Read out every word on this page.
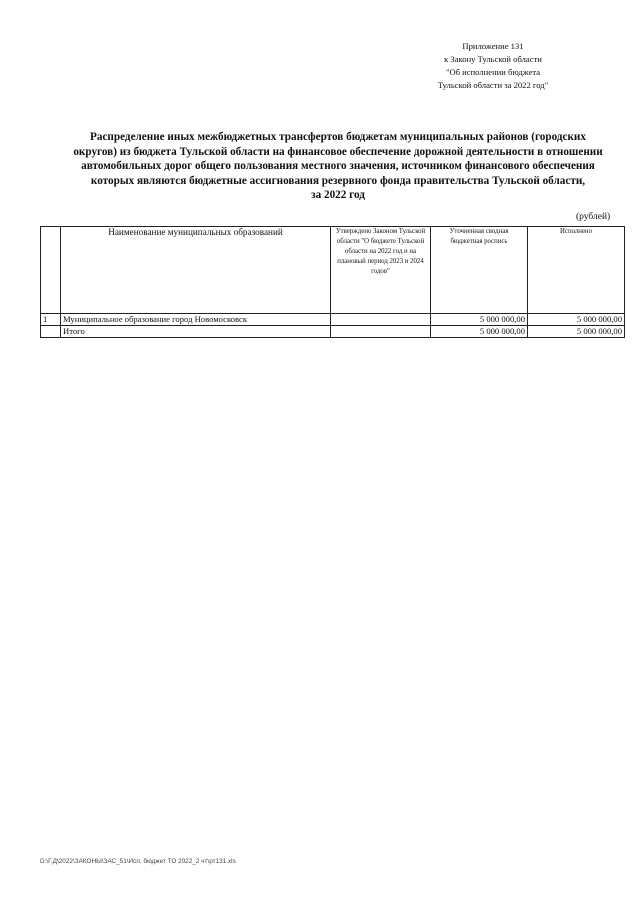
Приложение 131
к Закону Тульской области
"Об исполнении бюджета
Тульской области за 2022 год"
Распределение иных межбюджетных трансфертов бюджетам муниципальных районов (городских
округов) из бюджета Тульской области на финансовое обеспечение дорожной деятельности в отношении
автомобильных дорог общего пользования местного значения, источником финансового обеспечения
которых являются бюджетные ассигнования резервного фонда правительства Тульской области,
за 2022 год
(рублей)
	Наименование муниципальных образований	Утверждено Законом Тульской области "О бюджете Тульской области на 2022 год и на плановый период 2023 и 2024 годов"	Уточненная сводная бюджетная роспись	Исполнено
1	Муниципальное образование город Новомосковск		5 000 000,00	5 000 000,00
	Итого		5 000 000,00	5 000 000,00
D:\Г.Д\2022\ЗАКОНЫ\ЗАС_51\Исп. бюджет ТО 2022_2 чт\рт131.xls
